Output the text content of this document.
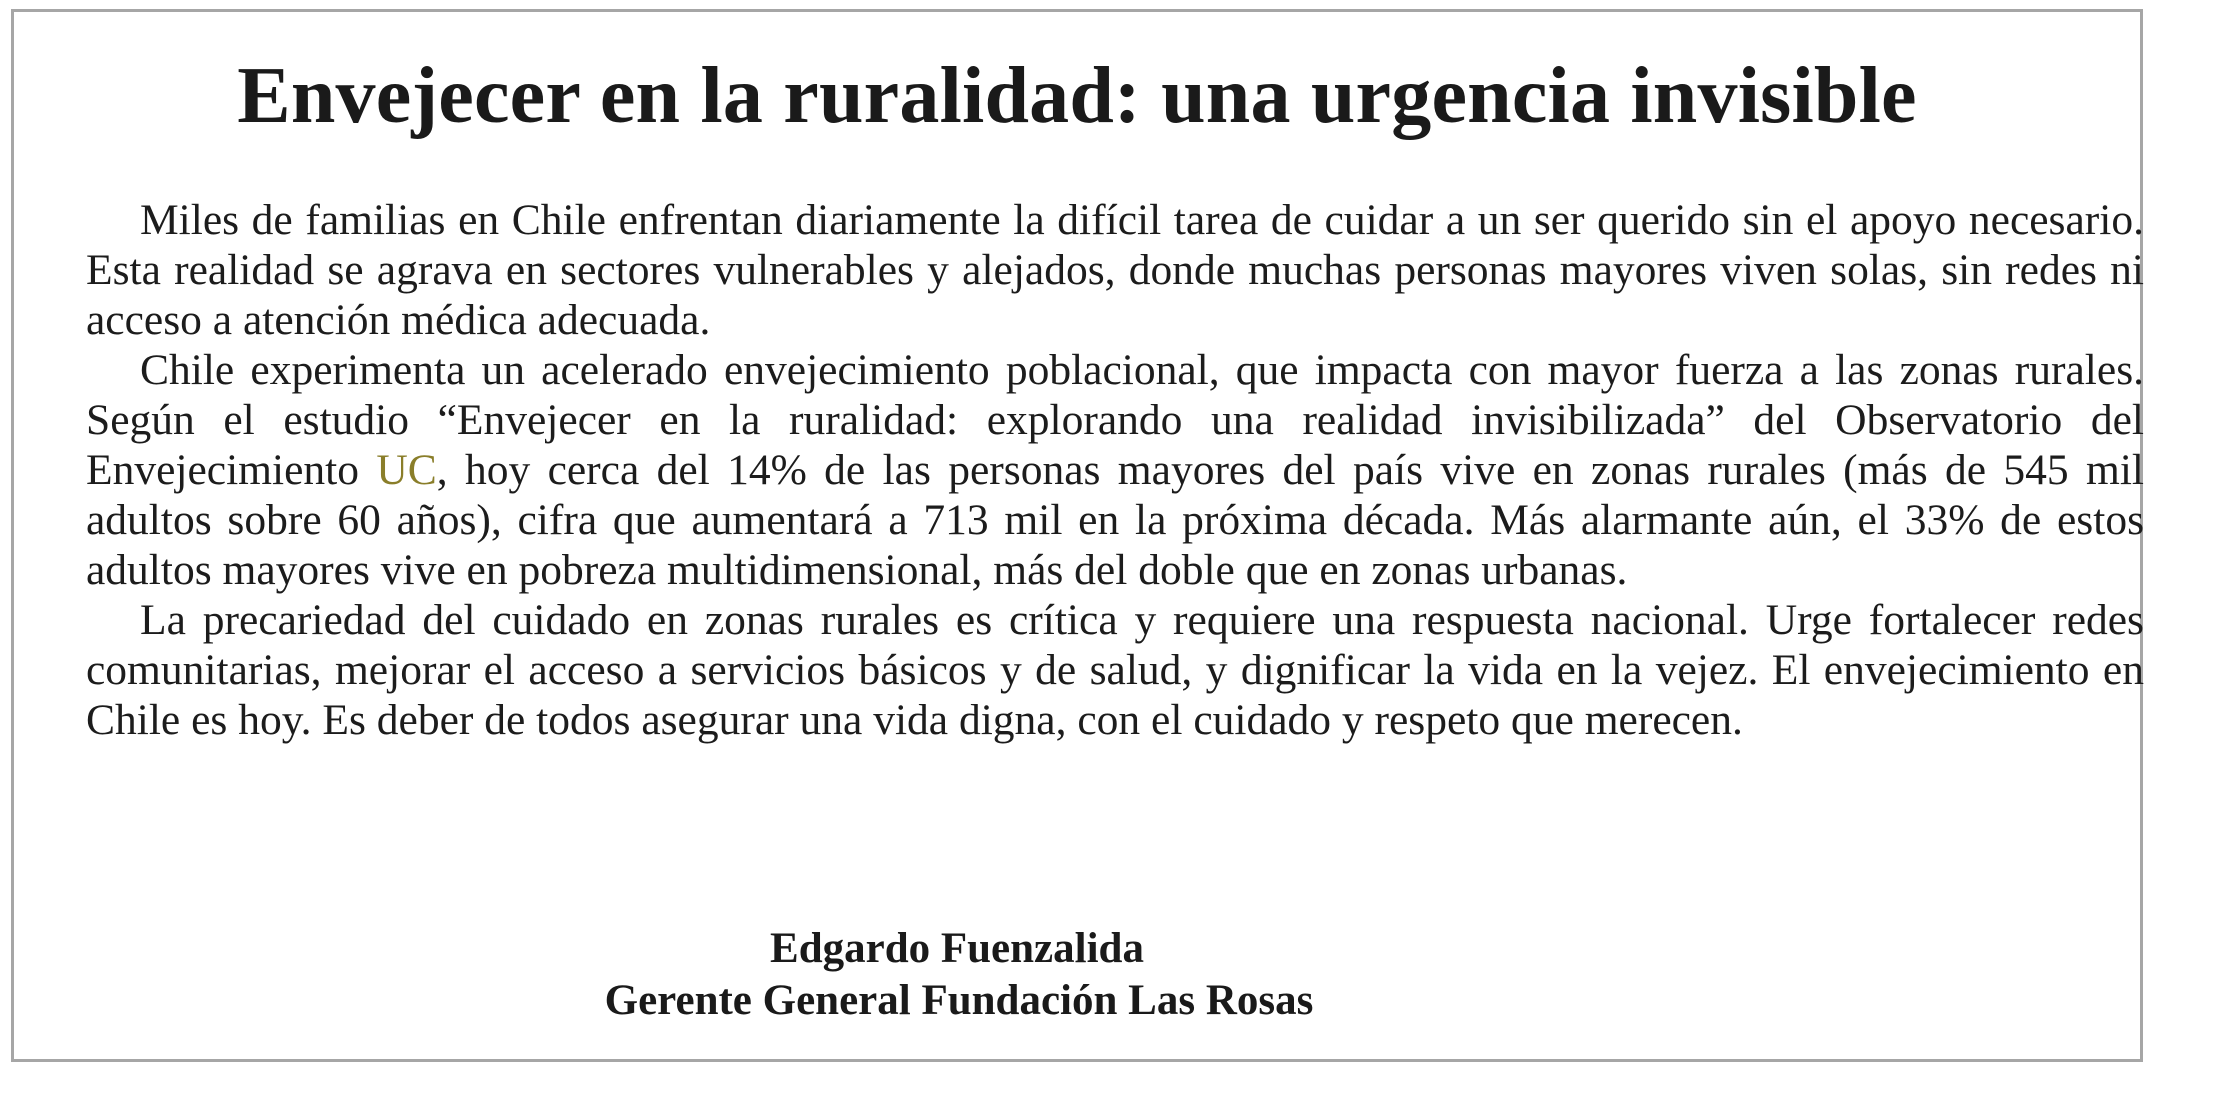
Envejecer en la ruralidad: una urgencia invisible

Miles de familias en Chile enfrentan diariamente la difícil tarea de cuidar a un ser querido sin el apoyo necesario. Esta realidad se agrava en sectores vulnerables y alejados, donde muchas personas mayores viven solas, sin redes ni acceso a atención médica adecuada.

Chile experimenta un acelerado envejecimiento poblacional, que impacta con mayor fuerza a las zonas rurales. Según el estudio “Envejecer en la ruralidad: explorando una realidad invisibilizada” del Observatorio del Envejecimiento UC, hoy cerca del 14% de las personas mayores del país vive en zonas rurales (más de 545 mil adultos sobre 60 años), cifra que aumentará a 713 mil en la próxima década. Más alarmante aún, el 33% de estos adultos mayores vive en pobreza multidimensional, más del doble que en zonas urbanas.

La precariedad del cuidado en zonas rurales es crítica y requiere una respuesta nacional. Urge fortalecer redes comunitarias, mejorar el acceso a servicios básicos y de salud, y dignificar la vida en la vejez. El envejecimiento en Chile es hoy. Es deber de todos asegurar una vida digna, con el cuidado y respeto que merecen.

Edgardo Fuenzalida
Gerente General Fundación Las Rosas
